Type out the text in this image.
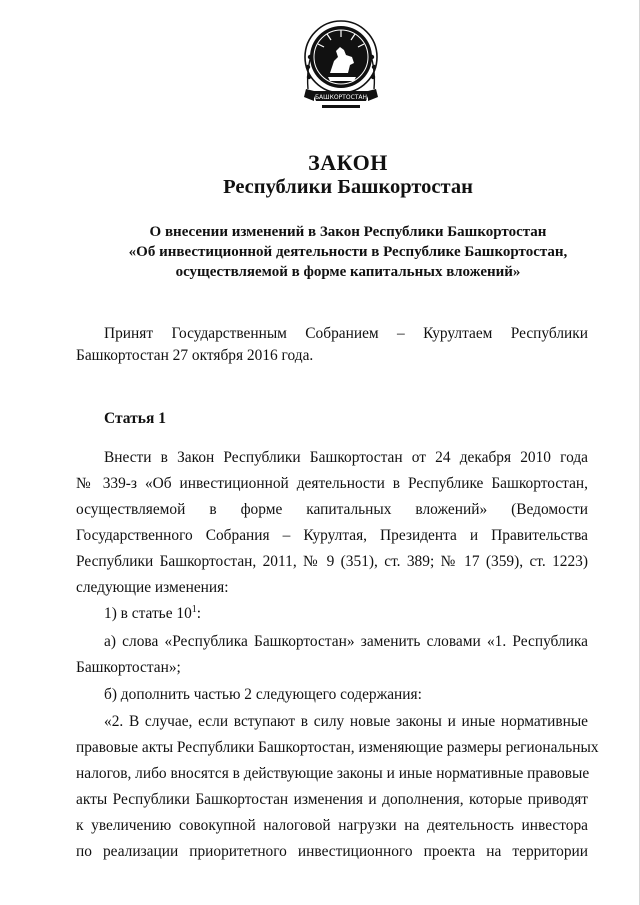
БАШКОРТОСТАН
ЗАКОН
Республики Башкортостан
О внесении изменений в Закон Республики Башкортостан
«Об инвестиционной деятельности в Республике Башкортостан,
осуществляемой в форме капитальных вложений»
Принят Государственным Собранием – Курултаем Республики
Башкортостан 27 октября 2016 года.
Статья 1
Внести в Закон Республики Башкортостан от 24 декабря 2010 года
№ 339-з «Об инвестиционной деятельности в Республике Башкортостан,
осуществляемой в форме капитальных вложений» (Ведомости
Государственного Собрания – Курултая, Президента и Правительства
Республики Башкортостан, 2011, № 9 (351), ст. 389; № 17 (359), ст. 1223)
следующие изменения:
1) в статье $10^1$:
а) слова «Республика Башкортостан» заменить словами «1. Республика
Башкортостан»;
б) дополнить частью 2 следующего содержания:
«2. В случае, если вступают в силу новые законы и иные нормативные
правовые акты Республики Башкортостан, изменяющие размеры региональных
налогов, либо вносятся в действующие законы и иные нормативные правовые
акты Республики Башкортостан изменения и дополнения, которые приводят
к увеличению совокупной налоговой нагрузки на деятельность инвестора
по реализации приоритетного инвестиционного проекта на территории
